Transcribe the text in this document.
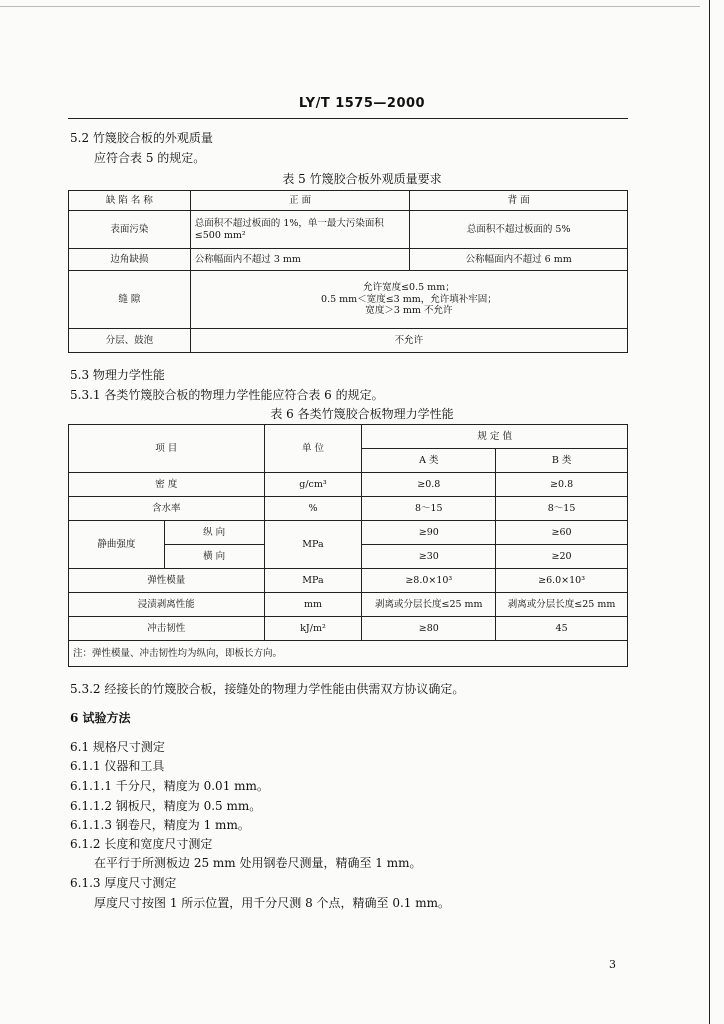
LY/T 1575—2000
5.2 竹篾胶合板的外观质量
应符合表 5 的规定。
表 5 竹篾胶合板外观质量要求
缺 陷 名 称	正 面	背 面
表面污染	总面积不超过板面的 1%，单一最大污染面积≤500 mm²	总面积不超过板面的 5%
边角缺损	公称幅面内不超过 3 mm	公称幅面内不超过 6 mm
缝 隙	允许宽度≤0.5 mm；
0.5 mm＜宽度≤3 mm，允许填补牢固；
宽度＞3 mm 不允许	

分层、鼓泡	不允许	
5.3 物理力学性能
5.3.1 各类竹篾胶合板的物理力学性能应符合表 6 的规定。
表 6 各类竹篾胶合板物理力学性能
项 目		单 位	规 定 值	
			A 类	B 类
密 度		g/cm³	≥0.8	≥0.8
含水率		%	8～15	8～15
静曲强度	纵 向	MPa	≥90	≥60
	横 向		≥30	≥20
弹性模量		MPa	≥8.0×10³	≥6.0×10³
浸渍剥离性能		mm	剥离或分层长度≤25 mm	剥离或分层长度≤25 mm
冲击韧性		kJ/m²	≥80	45
注：弹性模量、冲击韧性均为纵向，即板长方向。				
5.3.2 经接长的竹篾胶合板，接缝处的物理力学性能由供需双方协议确定。
6 试验方法
6.1 规格尺寸测定
6.1.1 仪器和工具
6.1.1.1 千分尺，精度为 0.01 mm。
6.1.1.2 钢板尺，精度为 0.5 mm。
6.1.1.3 钢卷尺，精度为 1 mm。
6.1.2 长度和宽度尺寸测定
在平行于所测板边 25 mm 处用钢卷尺测量，精确至 1 mm。
6.1.3 厚度尺寸测定
厚度尺寸按图 1 所示位置，用千分尺测 8 个点，精确至 0.1 mm。
3
